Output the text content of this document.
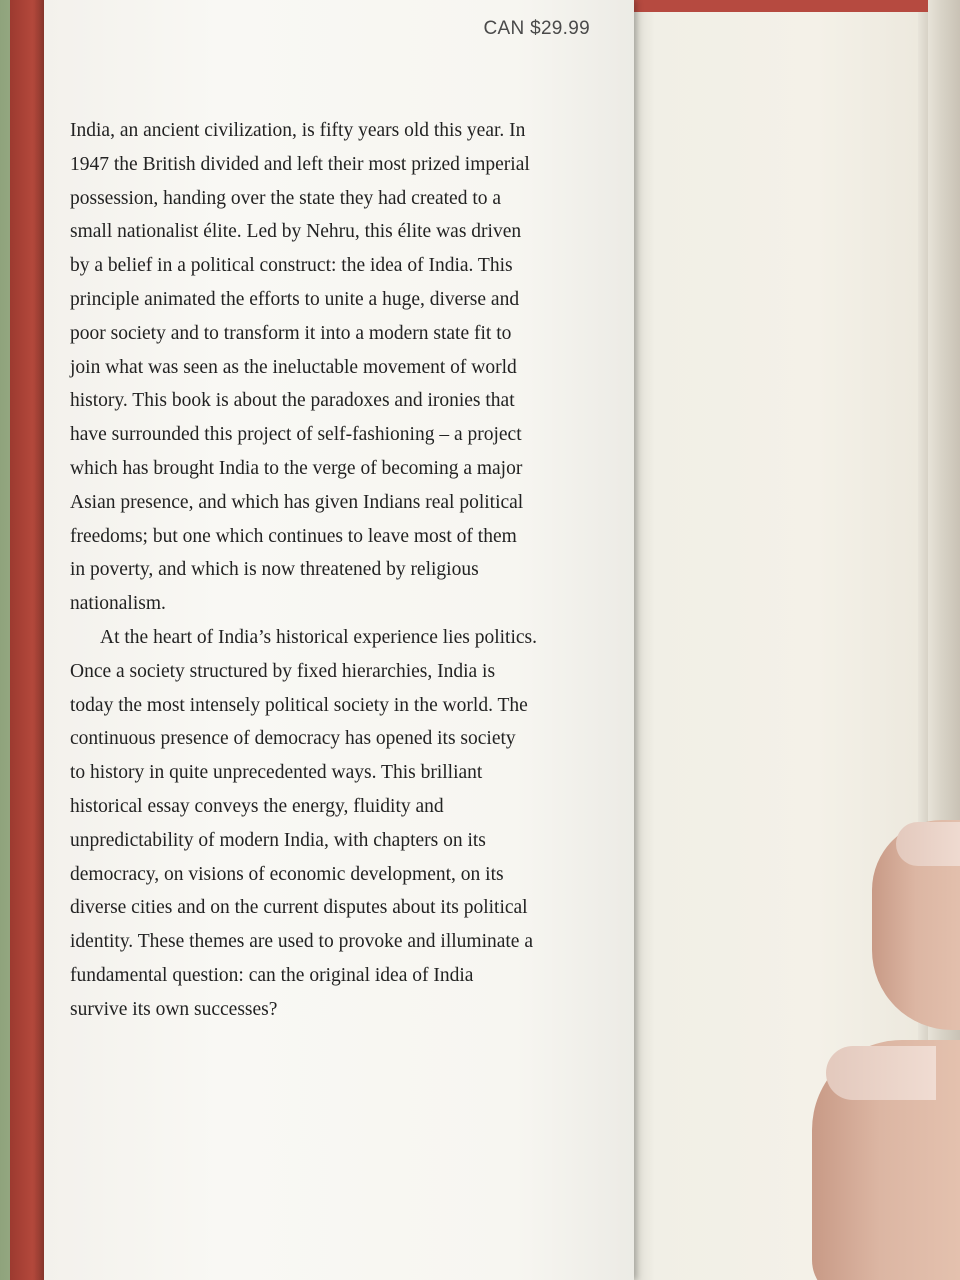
CAN $29.99

India, an ancient civilization, is fifty years old this year. In

1947 the British divided and left their most prized imperial

possession, handing over the state they had created to a

small nationalist élite. Led by Nehru, this élite was driven

by a belief in a political construct: the idea of India. This

principle animated the efforts to unite a huge, diverse and

poor society and to transform it into a modern state fit to

join what was seen as the ineluctable movement of world

history. This book is about the paradoxes and ironies that

have surrounded this project of self-fashioning – a project

which has brought India to the verge of becoming a major

Asian presence, and which has given Indians real political

freedoms; but one which continues to leave most of them

in poverty, and which is now threatened by religious

nationalism.

At the heart of India’s historical experience lies politics.

Once a society structured by fixed hierarchies, India is

today the most intensely political society in the world. The

continuous presence of democracy has opened its society

to history in quite unprecedented ways. This brilliant

historical essay conveys the energy, fluidity and

unpredictability of modern India, with chapters on its

democracy, on visions of economic development, on its

diverse cities and on the current disputes about its political

identity. These themes are used to provoke and illuminate a

fundamental question: can the original idea of India

survive its own successes?
